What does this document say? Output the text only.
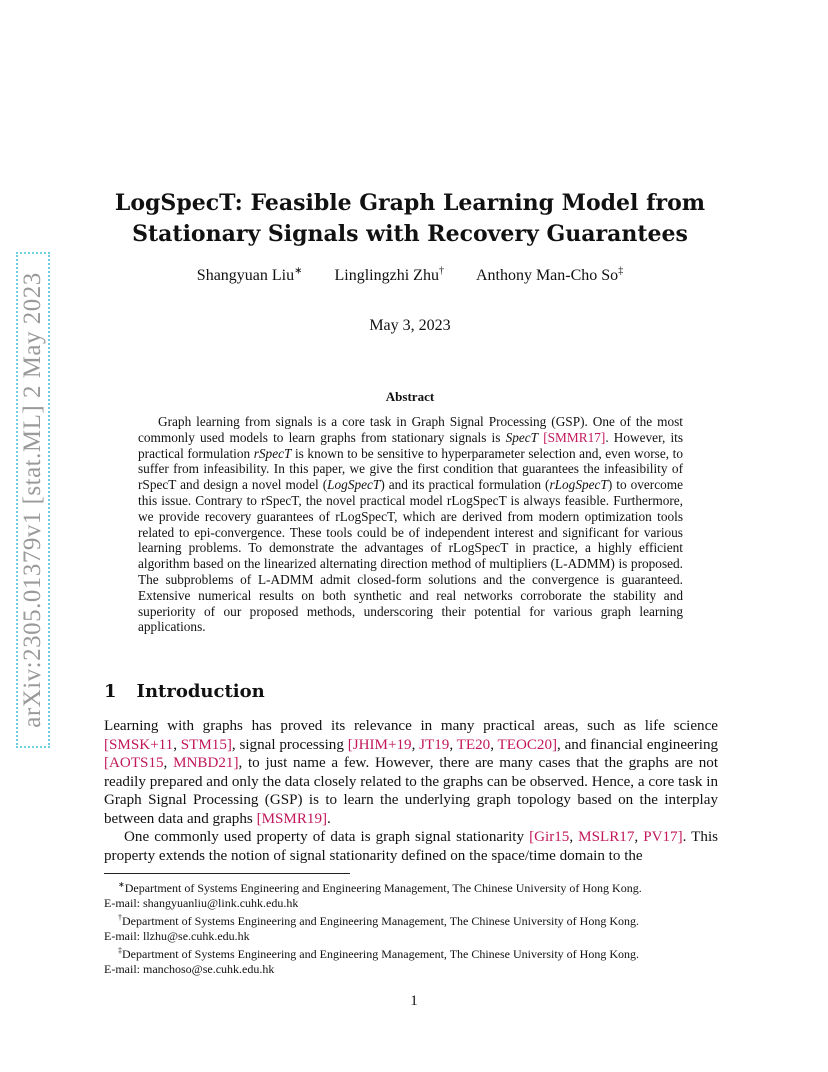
arXiv:2305.01379v1 [stat.ML] 2 May 2023
LogSpecT: Feasible Graph Learning Model from
Stationary Signals with Recovery Guarantees
Shangyuan Liu∗ Linglingzhi Zhu† Anthony Man-Cho So‡
May 3, 2023
Abstract

Graph learning from signals is a core task in Graph Signal Processing (GSP). One of the most commonly used models to learn graphs from stationary signals is SpecT [SMMR17]. However, its practical formulation rSpecT is known to be sensitive to hyperparameter selection and, even worse, to suffer from infeasibility. In this paper, we give the first condition that guarantees the infeasibility of rSpecT and design a novel model (LogSpecT) and its practical formulation (rLogSpecT) to overcome this issue. Contrary to rSpecT, the novel practical model rLogSpecT is always feasible. Furthermore, we provide recovery guarantees of rLogSpecT, which are derived from modern optimization tools related to epi-convergence. These tools could be of independent interest and significant for various learning problems. To demonstrate the advantages of rLogSpecT in practice, a highly efficient algorithm based on the linearized alternating direction method of multipliers (L-ADMM) is proposed. The subproblems of L-ADMM admit closed-form solutions and the convergence is guaranteed. Extensive numerical results on both synthetic and real networks corroborate the stability and superiority of our proposed methods, underscoring their potential for various graph learning applications.

1 Introduction

Learning with graphs has proved its relevance in many practical areas, such as life science [SMSK+11, STM15], signal processing [JHIM+19, JT19, TE20, TEOC20], and financial engineering [AOTS15, MNBD21], to just name a few. However, there are many cases that the graphs are not readily prepared and only the data closely related to the graphs can be observed. Hence, a core task in Graph Signal Processing (GSP) is to learn the underlying graph topology based on the interplay between data and graphs [MSMR19].

One commonly used property of data is graph signal stationarity [Gir15, MSLR17, PV17]. This property extends the notion of signal stationarity defined on the space/time domain to the

∗Department of Systems Engineering and Engineering Management, The Chinese University of Hong Kong.
E-mail: shangyuanliu@link.cuhk.edu.hk

†Department of Systems Engineering and Engineering Management, The Chinese University of Hong Kong.
E-mail: llzhu@se.cuhk.edu.hk

‡Department of Systems Engineering and Engineering Management, The Chinese University of Hong Kong.
E-mail: manchoso@se.cuhk.edu.hk

1
